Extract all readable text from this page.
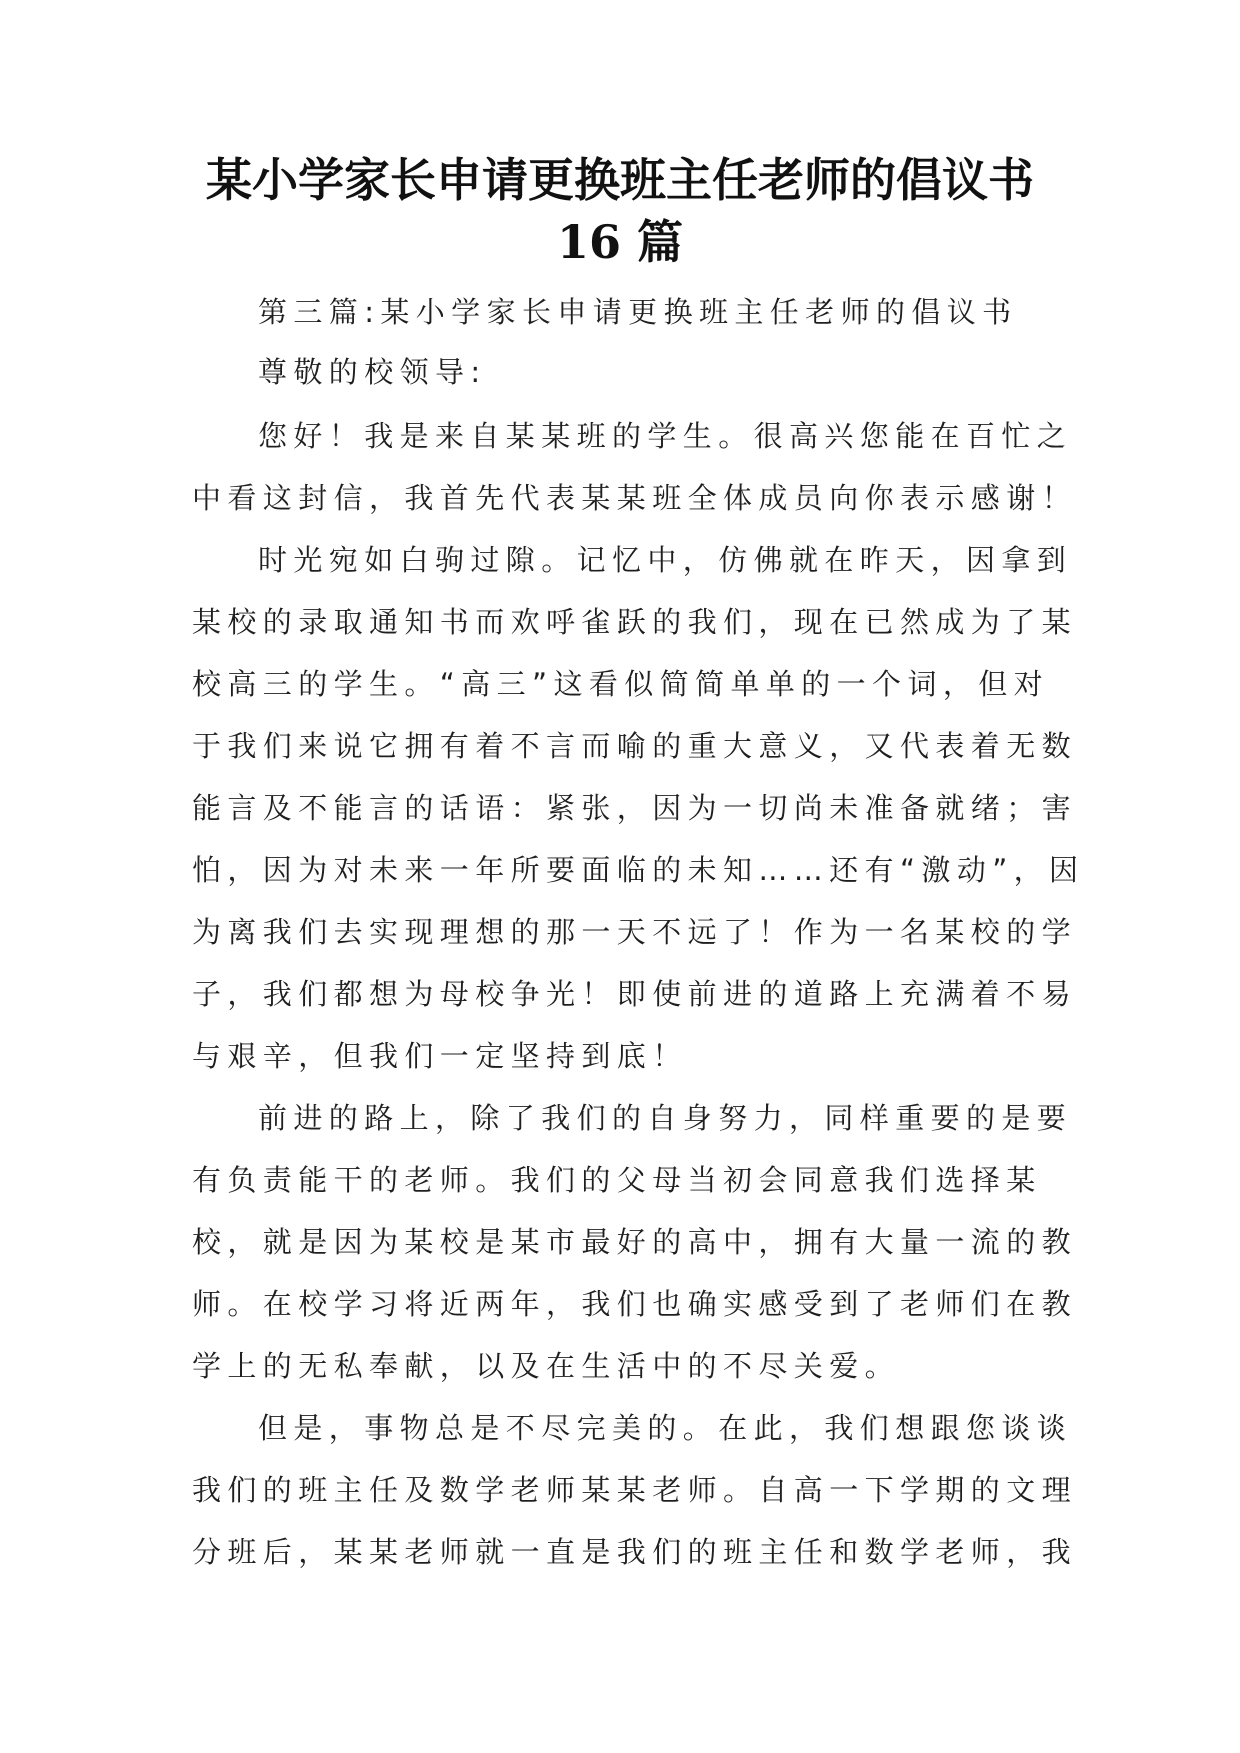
某小学家长申请更换班主任老师的倡议书
16 篇
第三篇:某小学家长申请更换班主任老师的倡议书
尊敬的校领导:
您好！我是来自某某班的学生。很高兴您能在百忙之
中看这封信，我首先代表某某班全体成员向你表示感谢！
时光宛如白驹过隙。记忆中，仿佛就在昨天，因拿到
某校的录取通知书而欢呼雀跃的我们，现在已然成为了某
校高三的学生。“高三”这看似简简单单的一个词，但对
于我们来说它拥有着不言而喻的重大意义，又代表着无数
能言及不能言的话语：紧张，因为一切尚未准备就绪；害
怕，因为对未来一年所要面临的未知……还有“激动”，因
为离我们去实现理想的那一天不远了！作为一名某校的学
子，我们都想为母校争光！即使前进的道路上充满着不易
与艰辛，但我们一定坚持到底！
前进的路上，除了我们的自身努力，同样重要的是要
有负责能干的老师。我们的父母当初会同意我们选择某
校，就是因为某校是某市最好的高中，拥有大量一流的教
师。在校学习将近两年，我们也确实感受到了老师们在教
学上的无私奉献，以及在生活中的不尽关爱。
但是，事物总是不尽完美的。在此，我们想跟您谈谈
我们的班主任及数学老师某某老师。自高一下学期的文理
分班后，某某老师就一直是我们的班主任和数学老师，我
